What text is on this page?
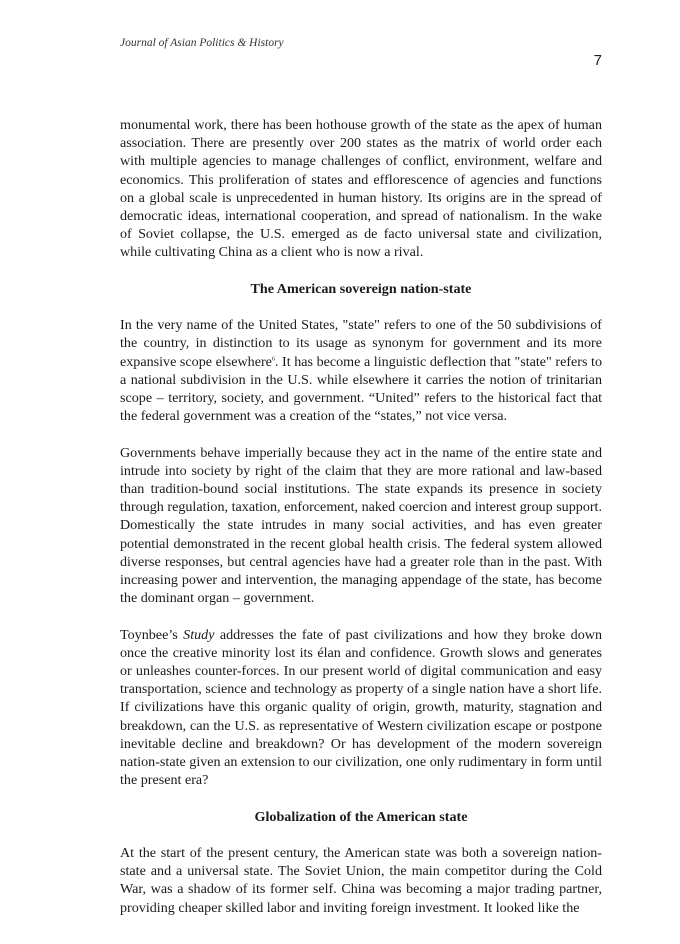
Journal of Asian Politics & History
7

monumental work, there has been hothouse growth of the state as the apex of human association. There are presently over 200 states as the matrix of world order each with multiple agencies to manage challenges of conflict, environment, welfare and economics. This proliferation of states and efflorescence of agencies and functions on a global scale is unprecedented in human history. Its origins are in the spread of democratic ideas, international cooperation, and spread of nationalism. In the wake of Soviet collapse, the U.S. emerged as de facto universal state and civilization, while cultivating China as a client who is now a rival.

The American sovereign nation-state

In the very name of the United States, "state" refers to one of the 50 subdivisions of the country, in distinction to its usage as synonym for government and its more expansive scope elsewhere$^6$. It has become a linguistic deflection that "state" refers to a national subdivision in the U.S. while elsewhere it carries the notion of trinitarian scope – territory, society, and government. “United” refers to the historical fact that the federal government was a creation of the “states,” not vice versa.

Governments behave imperially because they act in the name of the entire state and intrude into society by right of the claim that they are more rational and law-based than tradition-bound social institutions. The state expands its presence in society through regulation, taxation, enforcement, naked coercion and interest group support. Domestically the state intrudes in many social activities, and has even greater potential demonstrated in the recent global health crisis. The federal system allowed diverse responses, but central agencies have had a greater role than in the past. With increasing power and intervention, the managing appendage of the state, has become the dominant organ – government.

Toynbee’s Study addresses the fate of past civilizations and how they broke down once the creative minority lost its élan and confidence. Growth slows and generates or unleashes counter-forces. In our present world of digital communication and easy transportation, science and technology as property of a single nation have a short life. If civilizations have this organic quality of origin, growth, maturity, stagnation and breakdown, can the U.S. as representative of Western civilization escape or postpone inevitable decline and breakdown? Or has development of the modern sovereign nation-state given an extension to our civilization, one only rudimentary in form until the present era?

Globalization of the American state

At the start of the present century, the American state was both a sovereign nation-state and a universal state. The Soviet Union, the main competitor during the Cold War, was a shadow of its former self. China was becoming a major trading partner, providing cheaper skilled labor and inviting foreign investment. It looked like the
